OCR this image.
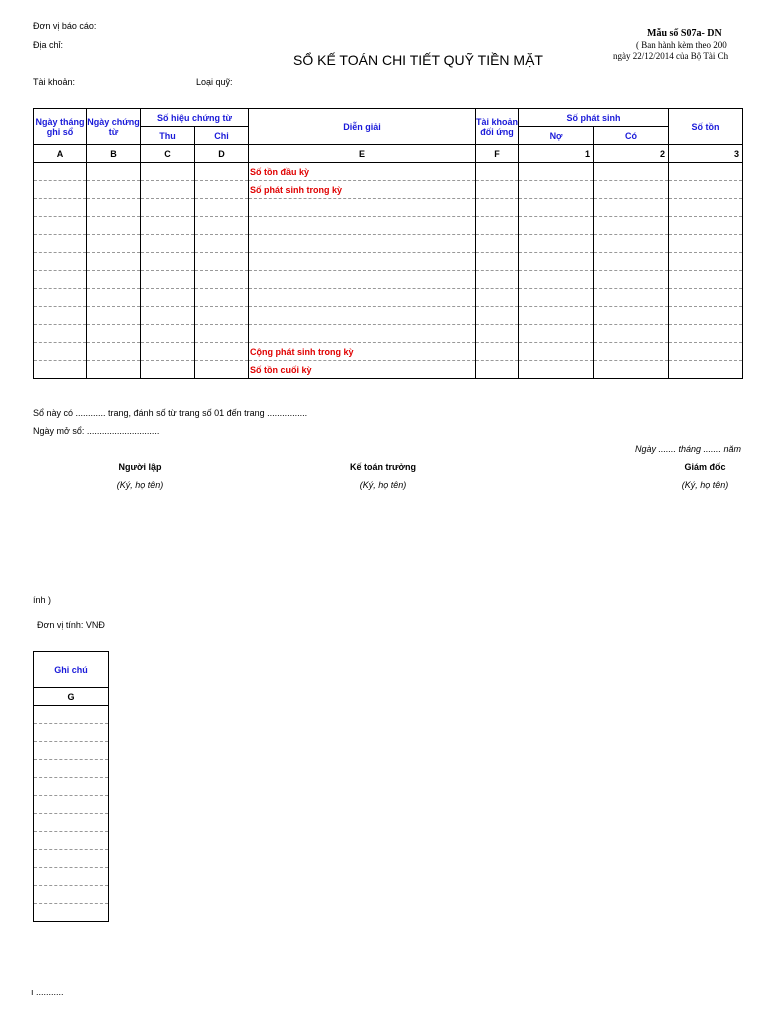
Đơn vị báo cáo:
Địa chỉ:
Mẫu số S07a- DN
( Ban hành kèm theo 200
ngày 22/12/2014 của Bộ Tài Ch
SỔ KẾ TOÁN CHI TIẾT QUỸ TIỀN MẶT
Tài khoản:	Loại quỹ:
Ngày tháng ghi sổ	Ngày chứng từ	Số hiệu chứng từ		Diễn giải	Tài khoản đối ứng	Số phát sinh		Số tồn
		Thu	Chi			Nợ	Có	
A	B	C	D	E	F	1	2	3
				Số tồn đầu kỳ				
				Số phát sinh trong kỳ				

				Cộng phát sinh trong kỳ				
				Số tồn cuối kỳ				
Sổ này có ............ trang, đánh số từ trang số 01 đến trang ................
Ngày mở sổ: .............................
Ngày ....... tháng ....... năm
Người lập
(Ký, họ tên)
Kế toán trưởng
(Ký, họ tên)
Giám đốc
(Ký, họ tên)
ính )
Đơn vị tính: VNĐ
Ghi chú
G

ı ...........
